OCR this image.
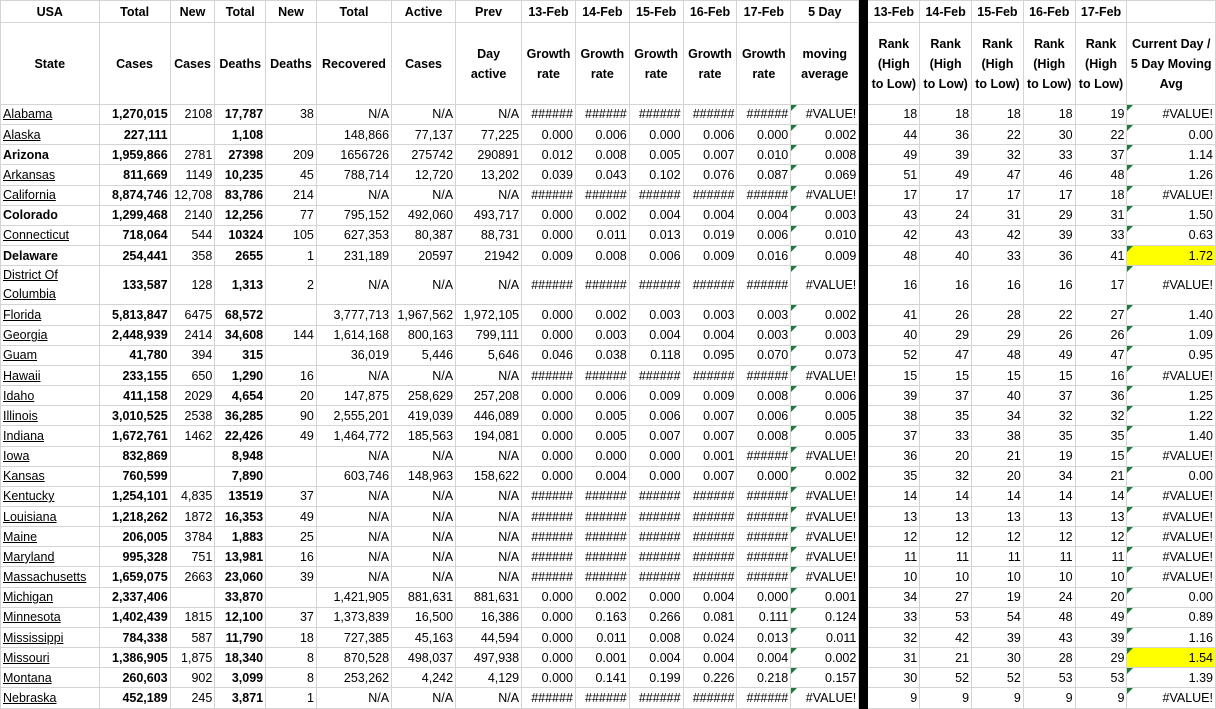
USA	Total	New	Total	New	Total	Active	Prev	13-Feb	14-Feb	15-Feb	16-Feb	17-Feb	5 Day		13-Feb	14-Feb	15-Feb	16-Feb	17-Feb	
State	Cases	Cases	Deaths	Deaths	Recovered	Cases	Day active	Growth rate	Growth rate	Growth rate	Growth rate	Growth rate	moving average		Rank (High to Low)	Rank (High to Low)	Rank (High to Low)	Rank (High to Low)	Rank (High to Low)	Current Day / 5 Day Moving Avg
Alabama	1,270,015	2108	17,787	38	N/A	N/A	N/A	######	######	######	######	######	#VALUE!		18	18	18	18	19	#VALUE!
Alaska	227,111		1,108		148,866	77,137	77,225	0.000	0.006	0.000	0.006	0.000	0.002		44	36	22	30	22	0.00
Arizona	1,959,866	2781	27398	209	1656726	275742	290891	0.012	0.008	0.005	0.007	0.010	0.008		49	39	32	33	37	1.14
Arkansas	811,669	1149	10,235	45	788,714	12,720	13,202	0.039	0.043	0.102	0.076	0.087	0.069		51	49	47	46	48	1.26
California	8,874,746	12,708	83,786	214	N/A	N/A	N/A	######	######	######	######	######	#VALUE!		17	17	17	17	18	#VALUE!
Colorado	1,299,468	2140	12,256	77	795,152	492,060	493,717	0.000	0.002	0.004	0.004	0.004	0.003		43	24	31	29	31	1.50
Connecticut	718,064	544	10324	105	627,353	80,387	88,731	0.000	0.011	0.013	0.019	0.006	0.010		42	43	42	39	33	0.63
Delaware	254,441	358	2655	1	231,189	20597	21942	0.009	0.008	0.006	0.009	0.016	0.009		48	40	33	36	41	1.72
District Of Columbia	133,587	128	1,313	2	N/A	N/A	N/A	######	######	######	######	######	#VALUE!		16	16	16	16	17	#VALUE!
Florida	5,813,847	6475	68,572		3,777,713	1,967,562	1,972,105	0.000	0.002	0.003	0.003	0.003	0.002		41	26	28	22	27	1.40
Georgia	2,448,939	2414	34,608	144	1,614,168	800,163	799,111	0.000	0.003	0.004	0.004	0.003	0.003		40	29	29	26	26	1.09
Guam	41,780	394	315		36,019	5,446	5,646	0.046	0.038	0.118	0.095	0.070	0.073		52	47	48	49	47	0.95
Hawaii	233,155	650	1,290	16	N/A	N/A	N/A	######	######	######	######	######	#VALUE!		15	15	15	15	16	#VALUE!
Idaho	411,158	2029	4,654	20	147,875	258,629	257,208	0.000	0.006	0.009	0.009	0.008	0.006		39	37	40	37	36	1.25
Illinois	3,010,525	2538	36,285	90	2,555,201	419,039	446,089	0.000	0.005	0.006	0.007	0.006	0.005		38	35	34	32	32	1.22
Indiana	1,672,761	1462	22,426	49	1,464,772	185,563	194,081	0.000	0.005	0.007	0.007	0.008	0.005		37	33	38	35	35	1.40
Iowa	832,869		8,948		N/A	N/A	N/A	0.000	0.000	0.000	0.001	######	#VALUE!		36	20	21	19	15	#VALUE!
Kansas	760,599		7,890		603,746	148,963	158,622	0.000	0.004	0.000	0.007	0.000	0.002		35	32	20	34	21	0.00
Kentucky	1,254,101	4,835	13519	37	N/A	N/A	N/A	######	######	######	######	######	#VALUE!		14	14	14	14	14	#VALUE!
Louisiana	1,218,262	1872	16,353	49	N/A	N/A	N/A	######	######	######	######	######	#VALUE!		13	13	13	13	13	#VALUE!
Maine	206,005	3784	1,883	25	N/A	N/A	N/A	######	######	######	######	######	#VALUE!		12	12	12	12	12	#VALUE!
Maryland	995,328	751	13,981	16	N/A	N/A	N/A	######	######	######	######	######	#VALUE!		11	11	11	11	11	#VALUE!
Massachusetts	1,659,075	2663	23,060	39	N/A	N/A	N/A	######	######	######	######	######	#VALUE!		10	10	10	10	10	#VALUE!
Michigan	2,337,406		33,870		1,421,905	881,631	881,631	0.000	0.002	0.000	0.004	0.000	0.001		34	27	19	24	20	0.00
Minnesota	1,402,439	1815	12,100	37	1,373,839	16,500	16,386	0.000	0.163	0.266	0.081	0.111	0.124		33	53	54	48	49	0.89
Mississippi	784,338	587	11,790	18	727,385	45,163	44,594	0.000	0.011	0.008	0.024	0.013	0.011		32	42	39	43	39	1.16
Missouri	1,386,905	1,875	18,340	8	870,528	498,037	497,938	0.000	0.001	0.004	0.004	0.004	0.002		31	21	30	28	29	1.54
Montana	260,603	902	3,099	8	253,262	4,242	4,129	0.000	0.141	0.199	0.226	0.218	0.157		30	52	52	53	53	1.39
Nebraska	452,189	245	3,871	1	N/A	N/A	N/A	######	######	######	######	######	#VALUE!		9	9	9	9	9	#VALUE!
